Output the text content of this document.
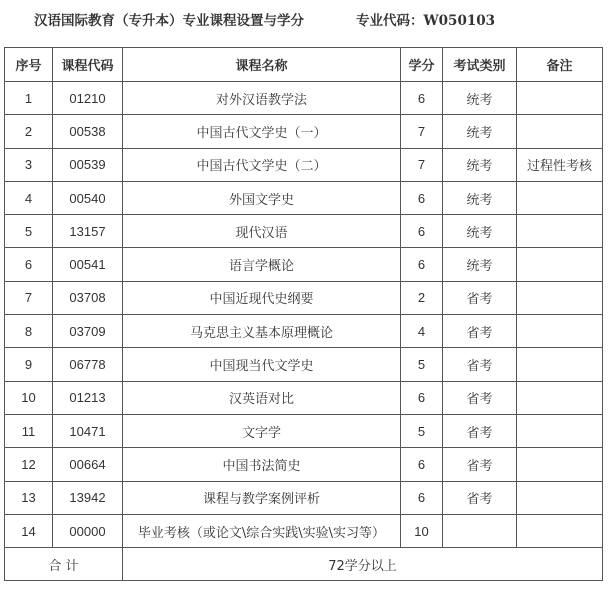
汉语国际教育（专升本）专业课程设置与学分	专业代码：W050103
序号	课程代码	课程名称	学分	考试类别	备注
1	01210	对外汉语教学法	6	统考	
2	00538	中国古代文学史（一）	7	统考	
3	00539	中国古代文学史（二）	7	统考	过程性考核
4	00540	外国文学史	6	统考	
5	13157	现代汉语	6	统考	
6	00541	语言学概论	6	统考	
7	03708	中国近现代史纲要	2	省考	
8	03709	马克思主义基本原理概论	4	省考	
9	06778	中国现当代文学史	5	省考	
10	01213	汉英语对比	6	省考	
11	10471	文字学	5	省考	
12	00664	中国书法简史	6	省考	
13	13942	课程与教学案例评析	6	省考	
14	00000	毕业考核（或论文\综合实践\实验\实习等）	10		
合 计		72学分以上			
